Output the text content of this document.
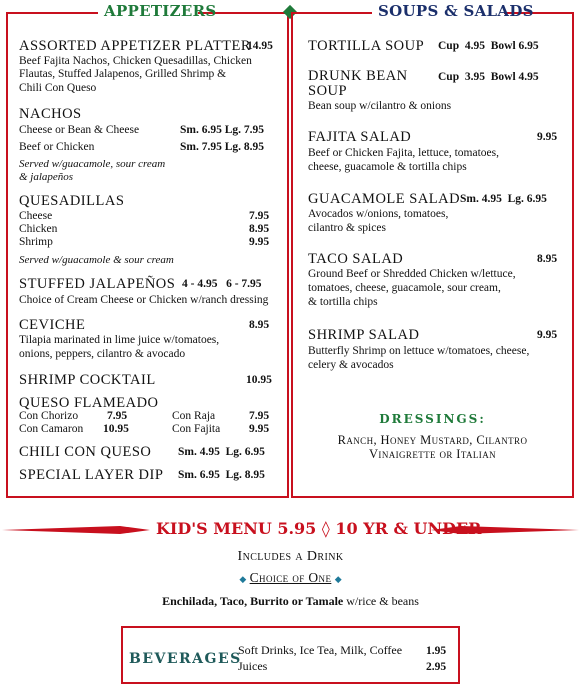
APPETIZERS	SOUPS & SALADS
ASSORTED APPETIZER PLATTER
14.95
Beef Fajita Nachos, Chicken Quesadillas, Chicken
Flautas, Stuffed Jalapenos, Grilled Shrimp &
Chili Con Queso
NACHOS
Cheese or Bean & Cheese	Sm. 6.95 Lg. 7.95
Beef or Chicken	Sm. 7.95 Lg. 8.95
Served w/guacamole, sour cream
& jalapeños
QUESADILLAS
Cheese	7.95
Chicken	8.95
Shrimp	9.95
Served w/guacamole & sour cream
STUFFED JALAPEÑOS 4 - 4.95   6 - 7.95
Choice of Cream Cheese or Chicken w/ranch dressing
CEVICHE	8.95
Tilapia marinated in lime juice w/tomatoes,
onions, peppers, cilantro & avocado
SHRIMP COCKTAIL	10.95
QUESO FLAMEADO
Con Chorizo	7.95	Con Raja	7.95
Con Camaron 10.95	Con Fajita	9.95
CHILI CON QUESO Sm. 4.95  Lg. 6.95
SPECIAL LAYER DIP Sm. 6.95  Lg. 8.95
TORTILLA SOUP Cup  4.95  Bowl 6.95
DRUNK BEAN
SOUP
Cup  3.95  Bowl 4.95
Bean soup w/cilantro & onions
FAJITA SALAD	9.95
Beef or Chicken Fajita, lettuce, tomatoes,
cheese, guacamole & tortilla chips
GUACAMOLE SALAD Sm. 4.95  Lg. 6.95
Avocados w/onions, tomatoes,
cilantro & spices
TACO SALAD	8.95
Ground Beef or Shredded Chicken w/lettuce,
tomatoes, cheese, guacamole, sour cream,
& tortilla chips
SHRIMP SALAD	9.95
Butterfly Shrimp on lettuce w/tomatoes, cheese,
celery & avocados
DRESSINGS:
Ranch, Honey Mustard, Cilantro
Vinaigrette or Italian
KID'S MENU 5.95 ◊ 10 YR & UNDER
Includes a Drink
◆ Choice of One ◆
Enchilada, Taco, Burrito or Tamale w/rice & beans
BEVERAGES
Soft Drinks, Ice Tea, Milk, Coffee 1.95
Juices	2.95
